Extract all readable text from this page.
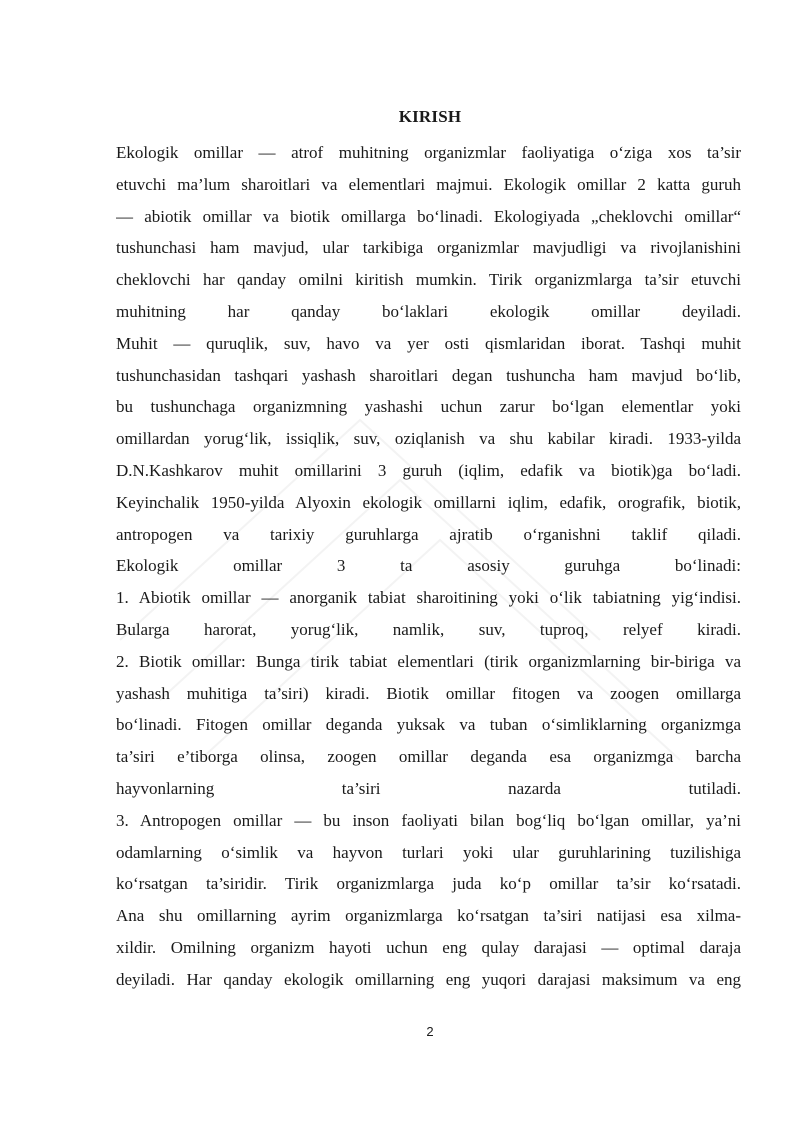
KIRISH
Ekologik omillar — atrof muhitning organizmlar faoliyatiga o‘ziga xos ta’sir
etuvchi ma’lum sharoitlari va elementlari majmui. Ekologik omillar 2 katta guruh
— abiotik omillar va biotik omillarga bo‘linadi. Ekologiyada „cheklovchi omillar“
tushunchasi ham mavjud, ular tarkibiga organizmlar mavjudligi va rivojlanishini
cheklovchi har qanday omilni kiritish mumkin. Tirik organizmlarga ta’sir etuvchi
muhitning har qanday bo‘laklari ekologik omillar deyiladi.
Muhit — quruqlik, suv, havo va yer osti qismlaridan iborat. Tashqi muhit
tushunchasidan tashqari yashash sharoitlari degan tushuncha ham mavjud bo‘lib,
bu tushunchaga organizmning yashashi uchun zarur bo‘lgan elementlar yoki
omillardan yorug‘lik, issiqlik, suv, oziqlanish va shu kabilar kiradi. 1933-yilda
D.N.Kashkarov muhit omillarini 3 guruh (iqlim, edafik va biotik)ga bo‘ladi.
Keyinchalik 1950-yilda Alyoxin ekologik omillarni iqlim, edafik, orografik, biotik,
antropogen va tarixiy guruhlarga ajratib o‘rganishni taklif qiladi.
Ekologik omillar 3 ta asosiy guruhga bo‘linadi:
1. Abiotik omillar — anorganik tabiat sharoitining yoki o‘lik tabiatning yig‘indisi.
Bularga harorat, yorug‘lik, namlik, suv, tuproq, relyef kiradi.
2. Biotik omillar: Bunga tirik tabiat elementlari (tirik organizmlarning bir-biriga va
yashash muhitiga ta’siri) kiradi. Biotik omillar fitogen va zoogen omillarga
bo‘linadi. Fitogen omillar deganda yuksak va tuban o‘simliklarning organizmga
ta’siri e’tiborga olinsa, zoogen omillar deganda esa organizmga barcha
hayvonlarning ta’siri nazarda tutiladi.
3. Antropogen omillar — bu inson faoliyati bilan bog‘liq bo‘lgan omillar, ya’ni
odamlarning o‘simlik va hayvon turlari yoki ular guruhlarining tuzilishiga
ko‘rsatgan ta’siridir. Tirik organizmlarga juda ko‘p omillar ta’sir ko‘rsatadi.
Ana shu omillarning ayrim organizmlarga ko‘rsatgan ta’siri natijasi esa xilma-
xildir. Omilning organizm hayoti uchun eng qulay darajasi — optimal daraja
deyiladi. Har qanday ekologik omillarning eng yuqori darajasi maksimum va eng
2
